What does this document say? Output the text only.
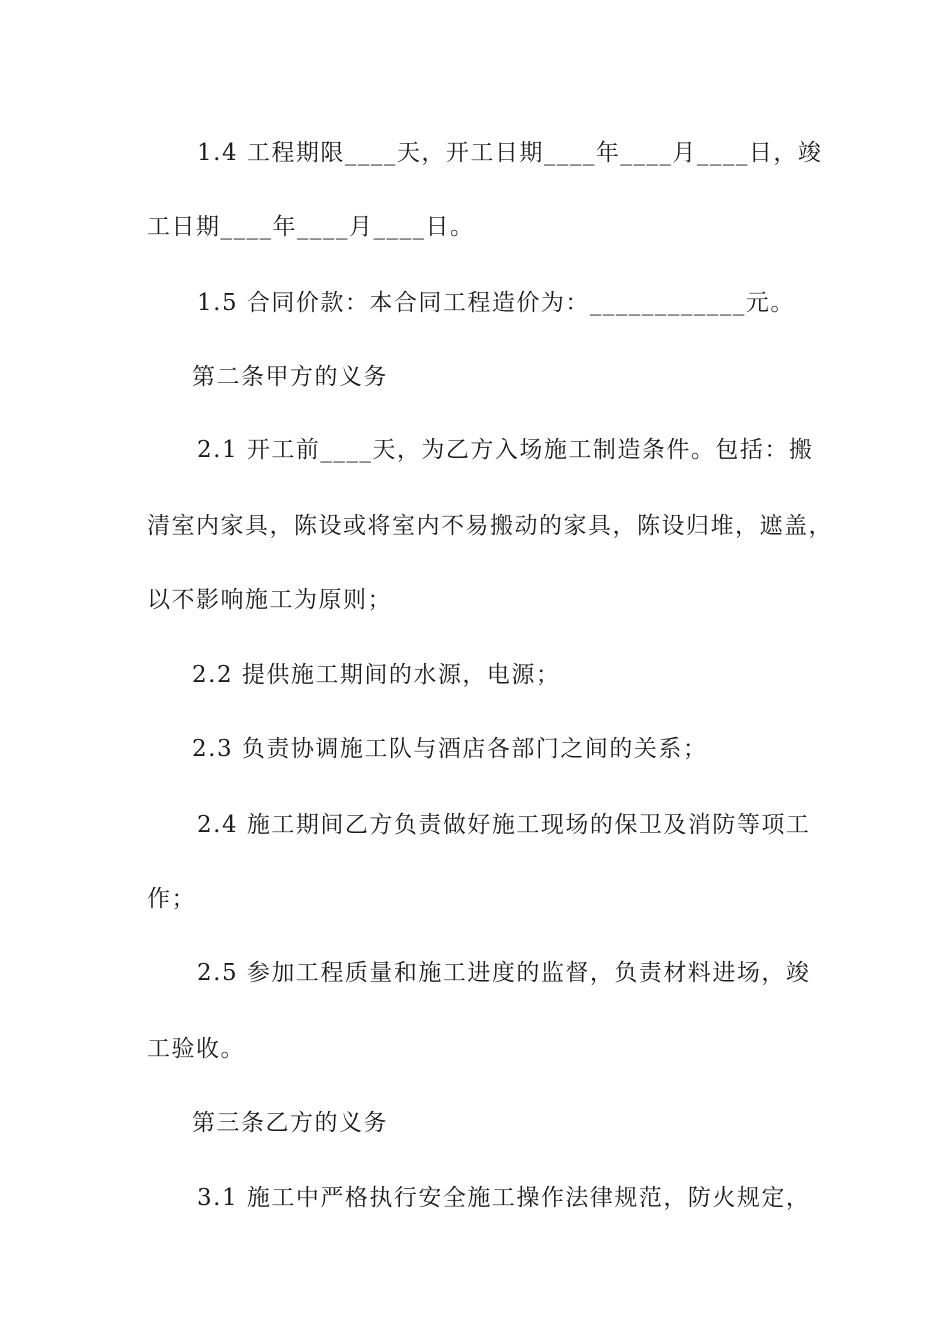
1.4 工程期限____天，开工日期____年____月____日，竣
工日期____年____月____日。
1.5 合同价款：本合同工程造价为：____________元。
第二条甲方的义务
2.1 开工前____天，为乙方入场施工制造条件。包括：搬
清室内家具，陈设或将室内不易搬动的家具，陈设归堆，遮盖，
以不影响施工为原则；
2.2 提供施工期间的水源，电源；
2.3 负责协调施工队与酒店各部门之间的关系；
2.4 施工期间乙方负责做好施工现场的保卫及消防等项工
作；
2.5 参加工程质量和施工进度的监督，负责材料进场，竣
工验收。
第三条乙方的义务
3.1 施工中严格执行安全施工操作法律规范，防火规定，
